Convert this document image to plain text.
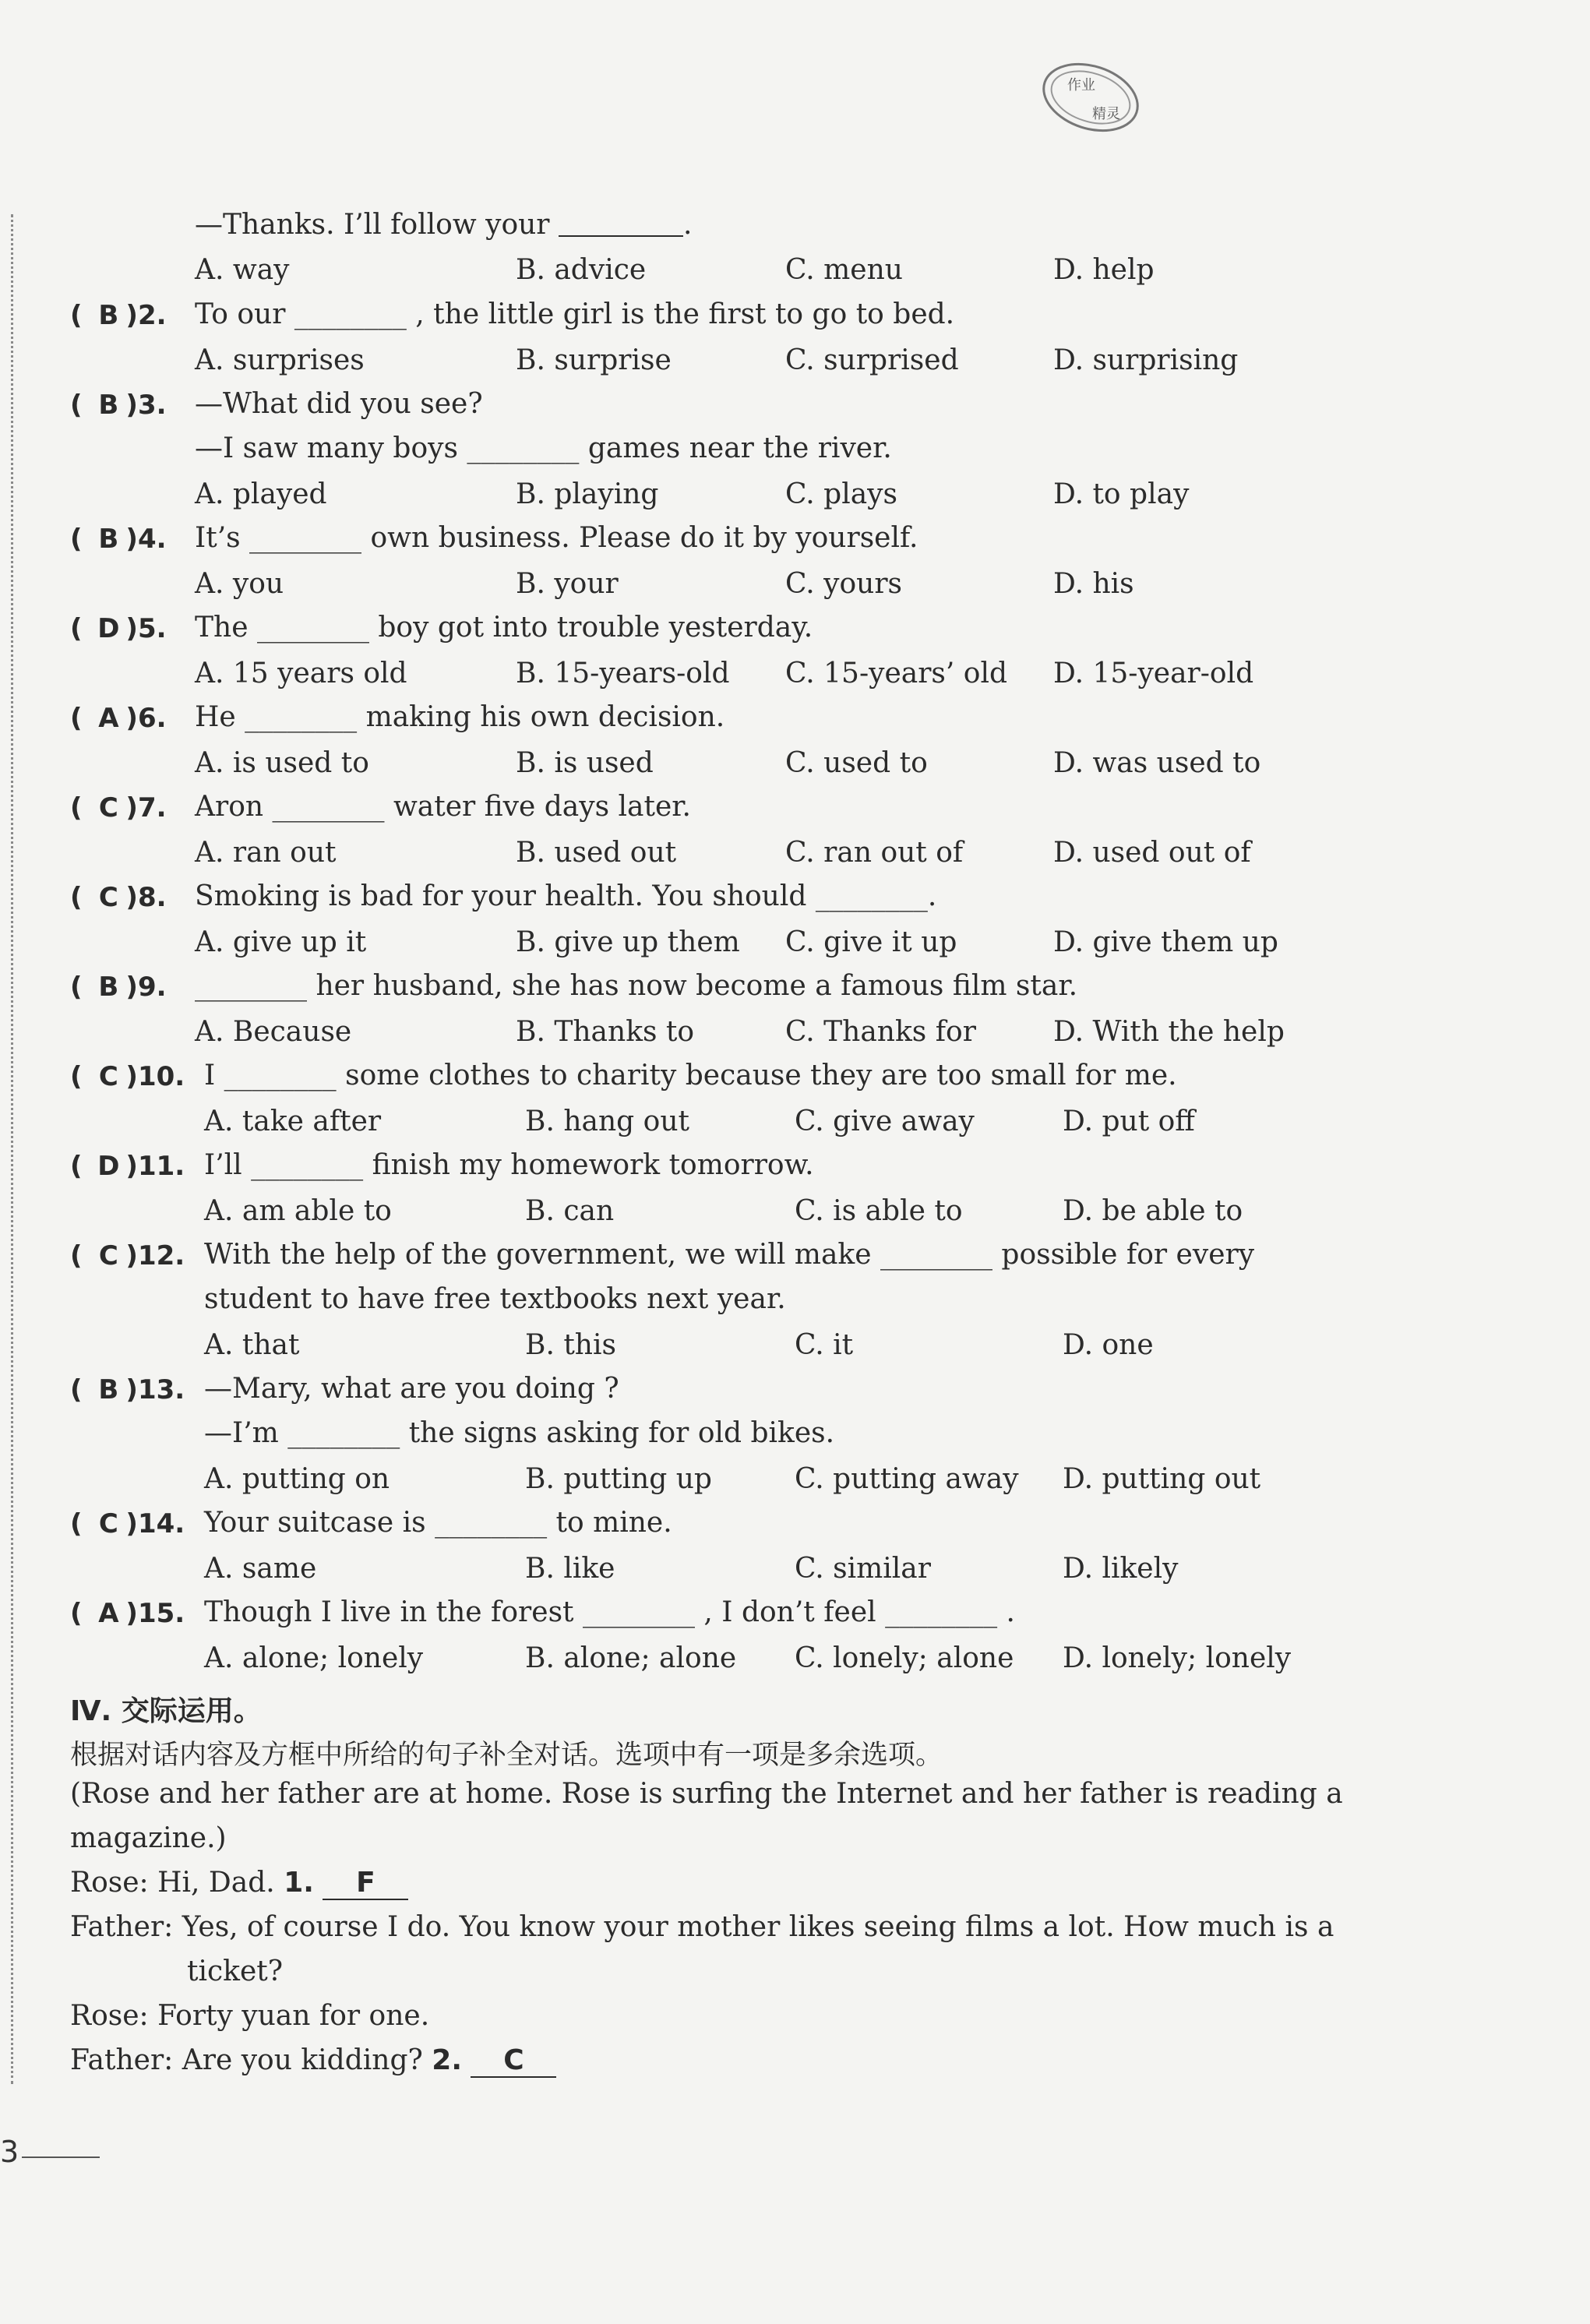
作业
精灵
—Thanks. I’ll follow your	.
A. way	B. advice	C. menu	D. help
( B )2. To our ________ , the little girl is the first to go to bed.
A. surprises	B. surprise	C. surprised	D. surprising
( B )3. —What did you see?
—I saw many boys ________ games near the river.
A. played	B. playing	C. plays	D. to play
( B )4. It’s ________ own business. Please do it by yourself.
A. you	B. your	C. yours	D. his
( D )5. The ________ boy got into trouble yesterday.
A. 15 years old	B. 15-years-old C. 15-years’ old D. 15-year-old
( A )6. He ________ making his own decision.
A. is used to	B. is used	C. used to	D. was used to
( C )7. Aron ________ water five days later.
A. ran out	B. used out	C. ran out of	D. used out of
( C )8. Smoking is bad for your health. You should ________.
A. give up it	B. give up them C. give it up	D. give them up
( B )9. ________ her husband, she has now become a famous film star.
A. Because	B. Thanks to	C. Thanks for	D. With the help
( C )10. I ________ some clothes to charity because they are too small for me.
A. take after	B. hang out	C. give away	D. put off
( D )11. I’ll ________ finish my homework tomorrow.
A. am able to	B. can	C. is able to	D. be able to
( C )12. With the help of the government, we will make ________ possible for every
student to have free textbooks next year.
A. that	B. this	C. it	D. one
( B )13. —Mary, what are you doing ?
—I’m ________ the signs asking for old bikes.
A. putting on	B. putting up	C. putting away D. putting out
( C )14. Your suitcase is ________ to mine.
A. same	B. like	C. similar	D. likely
( A )15. Though I live in the forest ________ , I don’t feel ________ .
A. alone; lonely	B. alone; alone C. lonely; alone D. lonely; lonely
Ⅳ. 交际运用。
根据对话内容及方框中所给的句子补全对话。选项中有一项是多余选项。
(Rose and her father are at home. Rose is surfing the Internet and her father is reading a
magazine.)
Rose: Hi, Dad. 1. F
Father: Yes, of course I do. You know your mother likes seeing films a lot. How much is a
ticket?
Rose: Forty yuan for one.
Father: Are you kidding? 2. C
3
